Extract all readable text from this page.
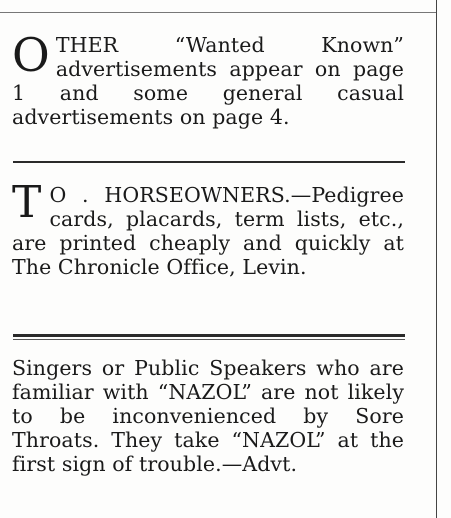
OTHER “Wanted Known” advertisements appear on page 1 and some general casual advertisements on page 4.
T O . HORSEOWNERS.—Pedigree cards, placards, term lists, etc., are printed cheaply and quickly at The Chronicle Office, Levin.
Singers or Public Speakers who are familiar with “NAZOL” are not likely to be inconvenienced by Sore Throats. They take “NAZOL” at the first sign of trouble.—Advt.
